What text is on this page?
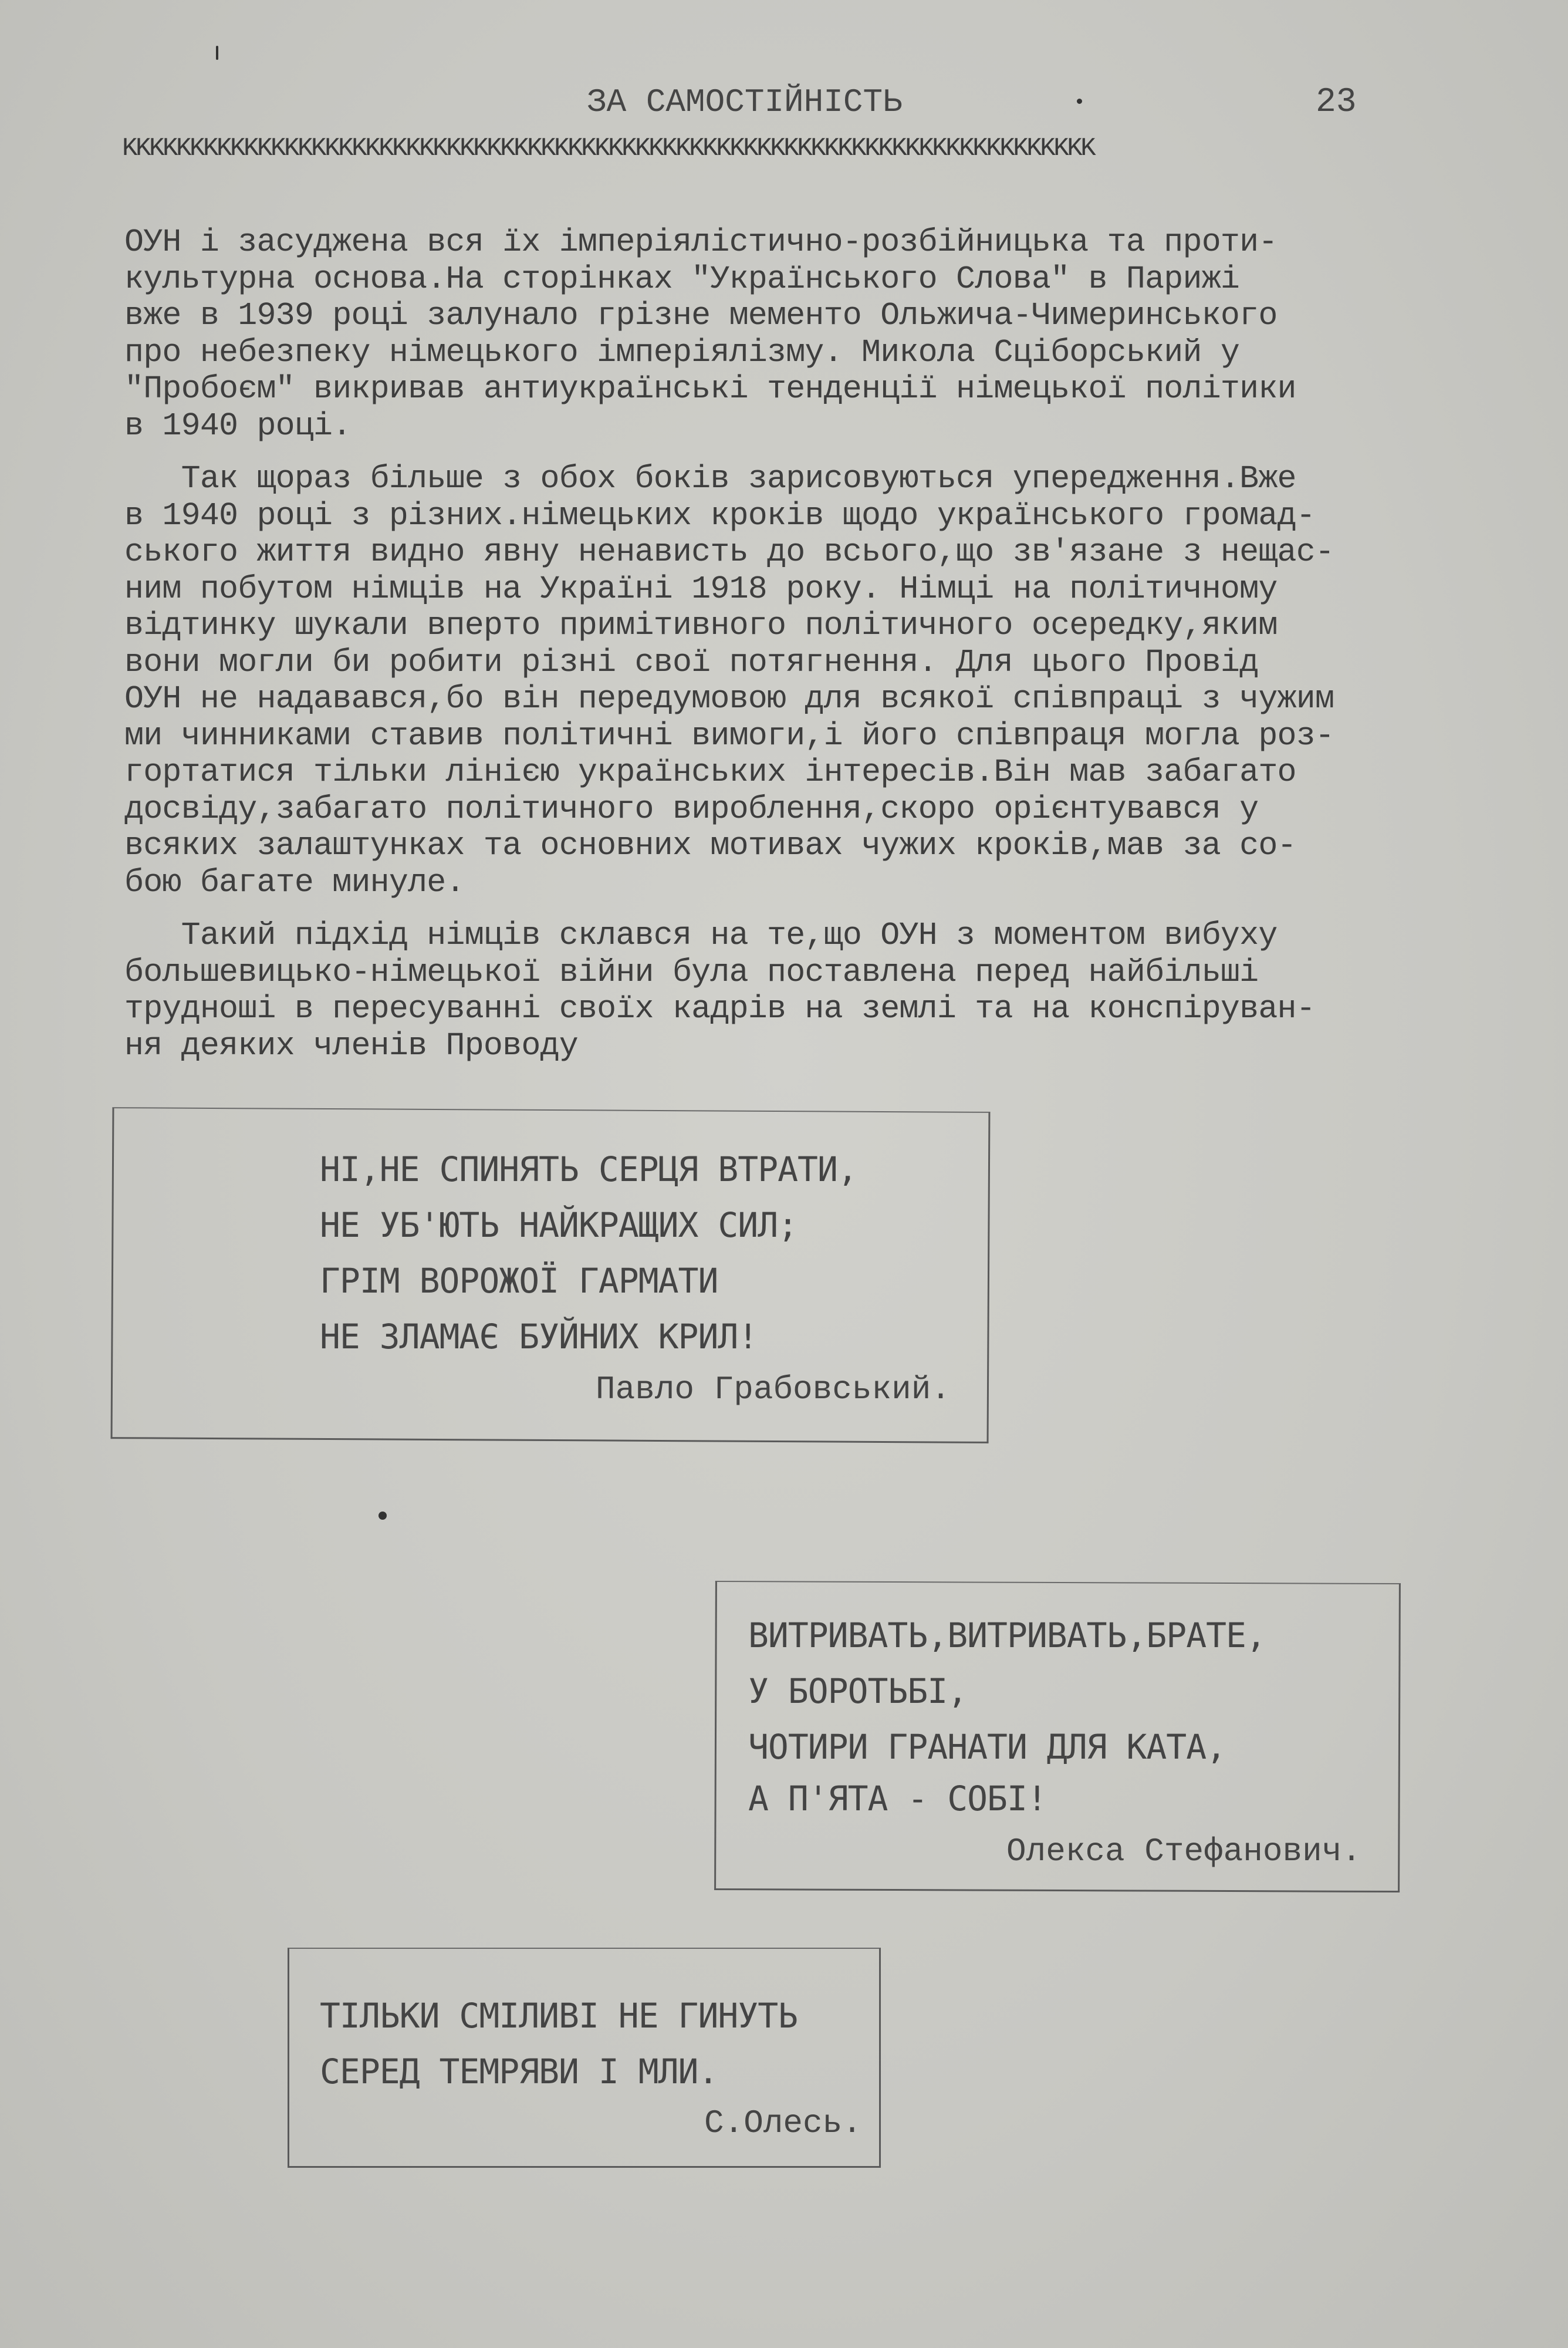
ЗА САМОСТІЙНІСТЬ	23
KKKKKKKKKKKKKKKKKKKKKKKKKKKKKKKKKKKKKKKKKKKKKKKKKKKKKKKKKKKKKKKKKKKKKKKK

ОУН і засуджена вся їх імперіялістично-розбійницька та проти-
культурна основа.На сторінках "Українського Слова" в Парижі
вже в 1939 році залунало грізне мементо Ольжича-Чимеринського
про небезпеку німецького імперіялізму. Микола Сціборський у
"Пробоєм" викривав антиукраїнські тенденції німецької політики
в 1940 році.

Так щораз більше з обох боків зарисовуються упередження.Вже
в 1940 році з різних.німецьких кроків щодо українського громад-
ського життя видно явну ненависть до всього,що зв'язане з нещас-
ним побутом німців на Україні 1918 року. Німці на політичному
відтинку шукали вперто примітивного політичного осередку,яким
вони могли би робити різні свої потягнення. Для цього Провід
ОУН не надавався,бо він передумовою для всякої співпраці з чужим
ми чинниками ставив політичні вимоги,і його співпраця могла роз-
гортатися тільки лінією українських інтересів.Він мав забагато
досвіду,забагато політичного вироблення,скоро орієнтувався у
всяких залаштунках та основних мотивах чужих кроків,мав за со-
бою багате минуле.

Такий підхід німців склався на те,що ОУН з моментом вибуху
большевицько-німецької війни була поставлена перед найбільші
трудноші в пересуванні своїх кадрів на землі та на конспіруван-
ня деяких членів Проводу

НІ,НЕ СПИНЯТЬ СЕРЦЯ ВТРАТИ,
НЕ УБ'ЮТЬ НАЙКРАЩИХ СИЛ;
ГРІМ ВОРОЖОЇ ГАРМАТИ
НЕ ЗЛАМАЄ БУЙНИХ КРИЛ!
Павло Грабовський.
ВИТРИВАТЬ,ВИТРИВАТЬ,БРАТЕ,
У БОРОТЬБІ,
ЧОТИРИ ГРАНАТИ ДЛЯ КАТА,
А П'ЯТА - СОБІ!
Олекса Стефанович.
ТІЛЬКИ СМІЛИВІ НЕ ГИНУТЬ
СЕРЕД ТЕМРЯВИ І МЛИ.
С.Олесь.
